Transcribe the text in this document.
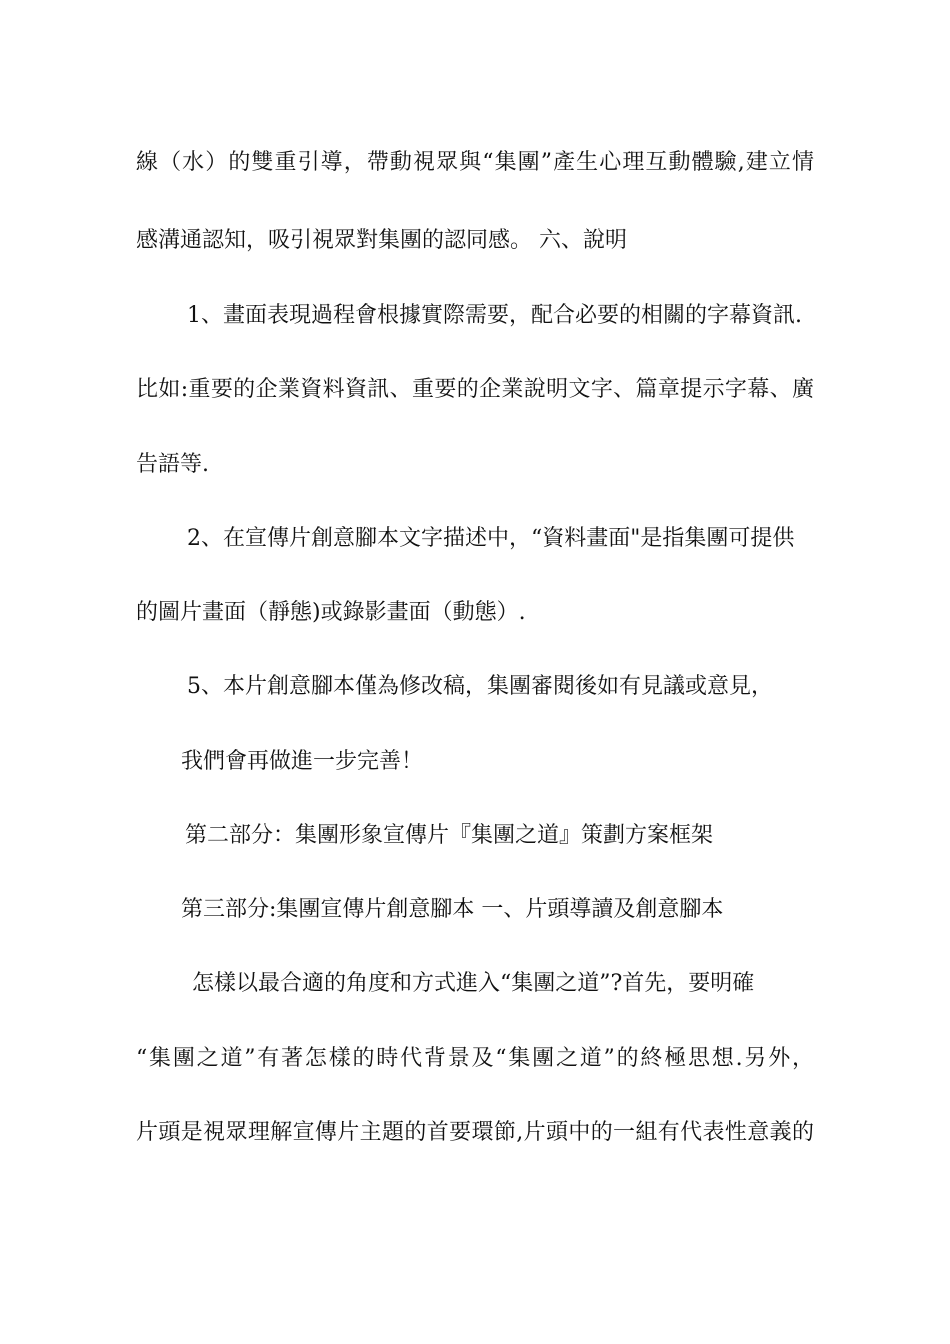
線（水）的雙重引導，帶動視眾與“集團”產生心理互動體驗,建立情
感溝通認知，吸引視眾對集團的認同感。 六、說明
1、畫面表現過程會根據實際需要，配合必要的相關的字幕資訊.
比如:重要的企業資料資訊、重要的企業說明文字、篇章提示字幕、廣
告語等.
2、在宣傳片創意腳本文字描述中，“資料畫面"是指集團可提供
的圖片畫面（靜態)或錄影畫面（動態）.
5、本片創意腳本僅為修改稿，集團審閱後如有見議或意見，
我們會再做進一步完善！
第二部分：集團形象宣傳片『集團之道』策劃方案框架
第三部分:集團宣傳片創意腳本 一、片頭導讀及創意腳本
怎樣以最合適的角度和方式進入“集團之道”?首先，要明確
“集團之道”有著怎樣的時代背景及“集團之道”的終極思想.另外，
片頭是視眾理解宣傳片主題的首要環節,片頭中的一組有代表性意義的
